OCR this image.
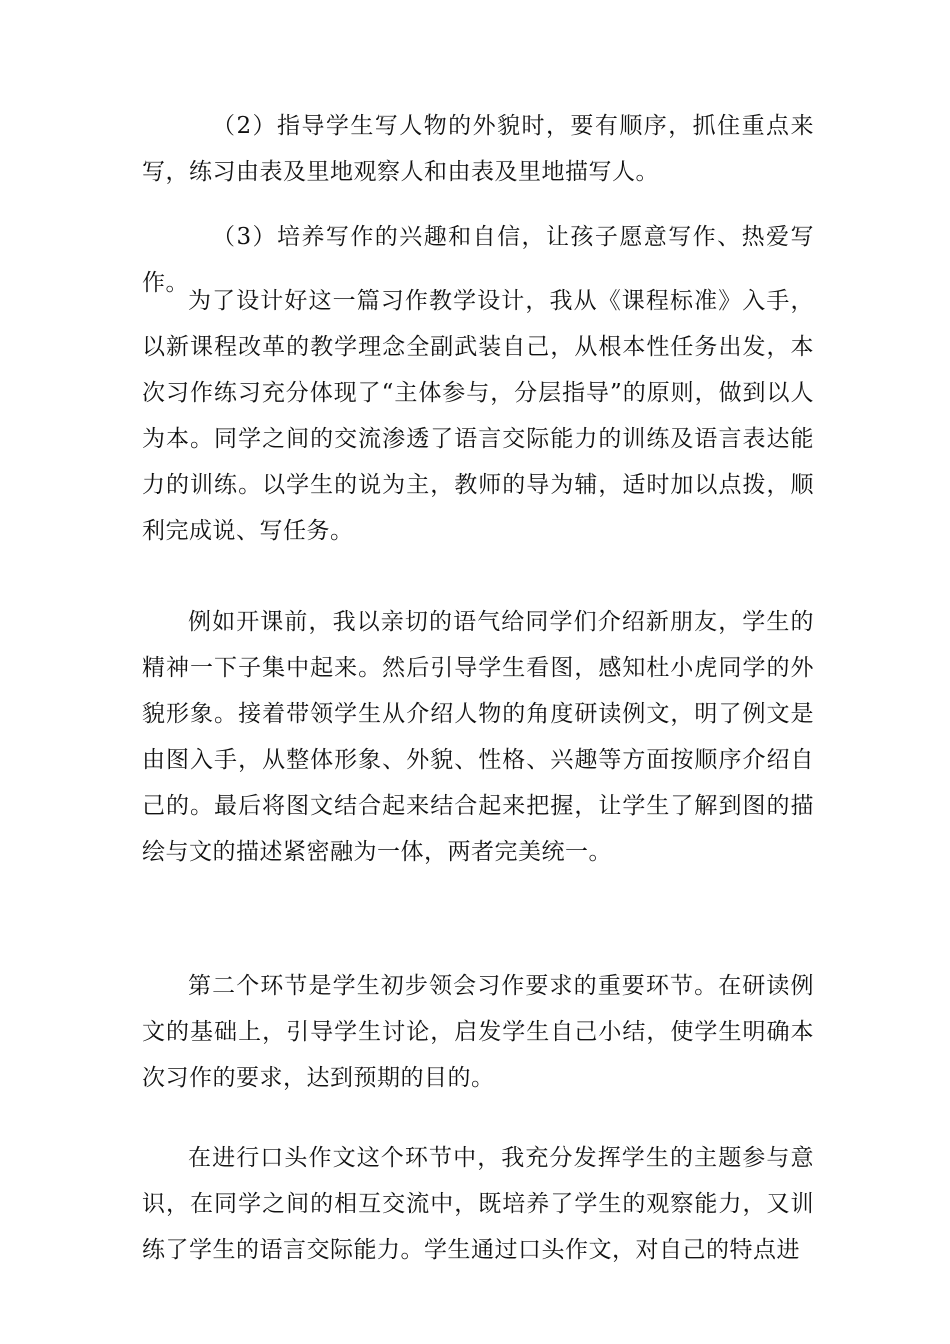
（2）指导学生写人物的外貌时，要有顺序，抓住重点来写，练习由表及里地观察人和由表及里地描写人。

（3）培养写作的兴趣和自信，让孩子愿意写作、热爱写作。

为了设计好这一篇习作教学设计，我从《课程标准》入手，以新课程改革的教学理念全副武装自己，从根本性任务出发，本次习作练习充分体现了“主体参与，分层指导”的原则，做到以人为本。同学之间的交流渗透了语言交际能力的训练及语言表达能力的训练。以学生的说为主，教师的导为辅，适时加以点拨，顺利完成说、写任务。

例如开课前，我以亲切的语气给同学们介绍新朋友，学生的精神一下子集中起来。然后引导学生看图，感知杜小虎同学的外貌形象。接着带领学生从介绍人物的角度研读例文，明了例文是由图入手，从整体形象、外貌、性格、兴趣等方面按顺序介绍自己的。最后将图文结合起来结合起来把握，让学生了解到图的描绘与文的描述紧密融为一体，两者完美统一。

第二个环节是学生初步领会习作要求的重要环节。在研读例文的基础上，引导学生讨论，启发学生自己小结，使学生明确本次习作的要求，达到预期的目的。

在进行口头作文这个环节中，我充分发挥学生的主题参与意识，在同学之间的相互交流中，既培养了学生的观察能力，又训练了学生的语言交际能力。学生通过口头作文，对自己的特点进
